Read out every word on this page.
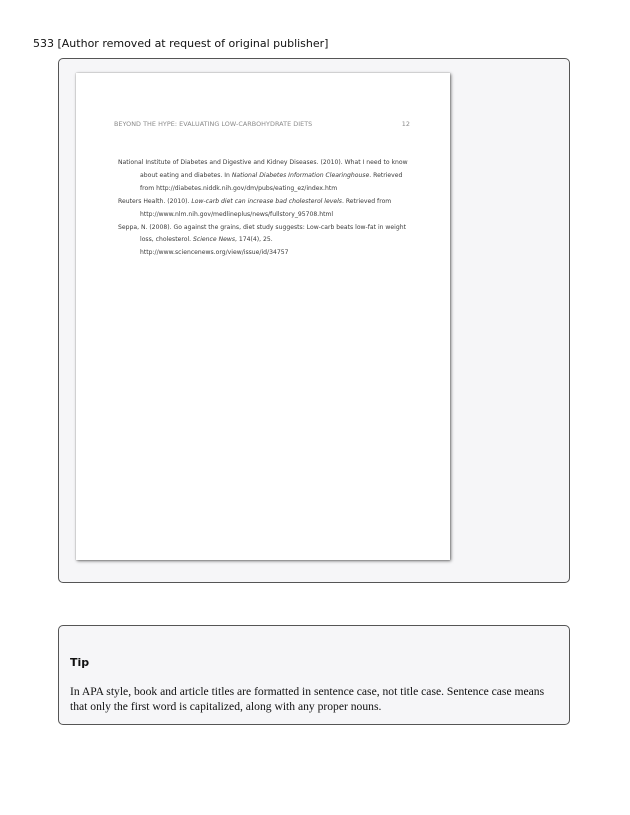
533 [Author removed at request of original publisher]
BEYOND THE HYPE: EVALUATING LOW-CARBOHYDRATE DIETS	12

National Institute of Diabetes and Digestive and Kidney Diseases. (2010). What I need to know about eating and diabetes. In National Diabetes Information Clearinghouse. Retrieved from http://diabetes.niddk.nih.gov/dm/pubs/eating_ez/index.htm

Reuters Health. (2010). Low-carb diet can increase bad cholesterol levels. Retrieved from http://www.nlm.nih.gov/medlineplus/news/fullstory_95708.html

Seppa, N. (2008). Go against the grains, diet study suggests: Low-carb beats low-fat in weight loss, cholesterol. Science News, 174(4), 25. http://www.sciencenews.org/view/issue/id/34757

Tip
In APA style, book and article titles are formatted in sentence case, not title case. Sentence case means that only the first word is capitalized, along with any proper nouns.
